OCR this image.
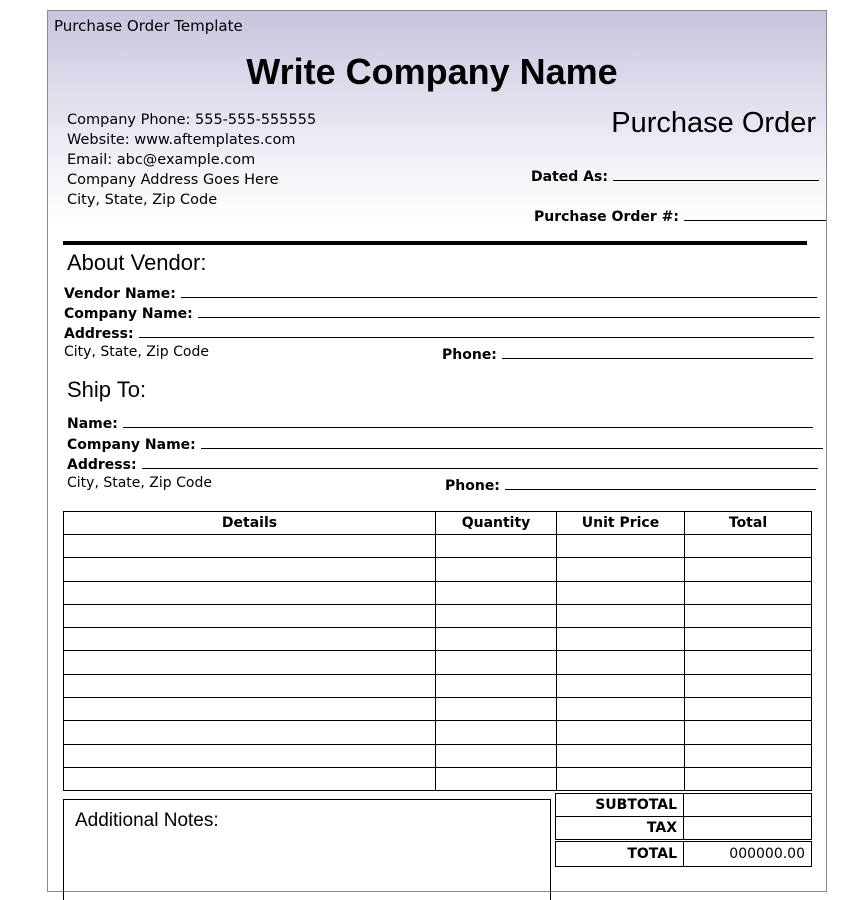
Purchase Order Template
Write Company Name
Company Phone: 555-555-555555
Website: www.aftemplates.com
Email: abc@example.com
Company Address Goes Here
City, State, Zip Code
Purchase Order
Dated As:
Purchase Order #:
About Vendor:
Vendor Name:
Company Name:
Address:
City, State, Zip Code	Phone:
Ship To:
Name:
Company Name:
Address:
City, State, Zip Code	Phone:
Details	Quantity	Unit Price	Total

Additional Notes:
SUBTOTAL	
TAX	
TOTAL	000000.00
